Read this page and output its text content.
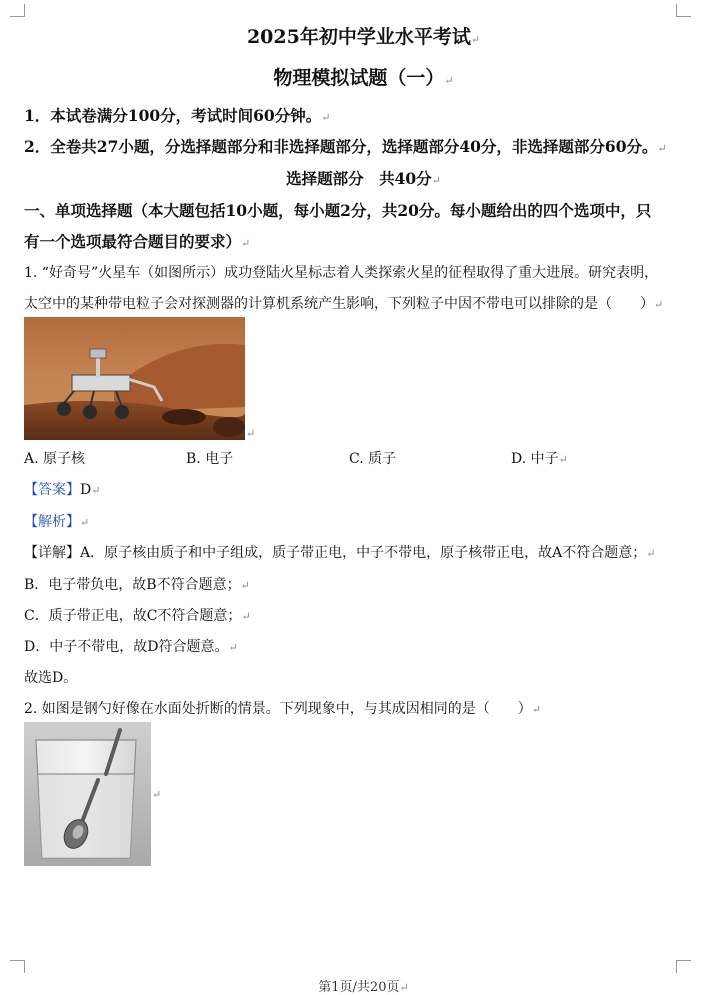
2025年初中学业水平考试↵
物理模拟试题（一）↵
1．本试卷满分100分，考试时间60分钟。↵
2．全卷共27小题，分选择题部分和非选择题部分，选择题部分40分，非选择题部分60分。↵
选择题部分　共40分↵
一、单项选择题（本大题包括10小题，每小题2分，共20分。每小题给出的四个选项中，只
有一个选项最符合题目的要求）↵
1. “好奇号”火星车（如图所示）成功登陆火星标志着人类探索火星的征程取得了重大进展。研究表明，
太空中的某种带电粒子会对探测器的计算机系统产生影响，下列粒子中因不带电可以排除的是（　　）↵
↵
A. 原子核	B. 电子	C. 质子	D. 中子↵
【答案】D↵
【解析】↵
【详解】A．原子核由质子和中子组成，质子带正电，中子不带电，原子核带正电，故A不符合题意；↵
B．电子带负电，故B不符合题意；↵
C．质子带正电，故C不符合题意；↵
D．中子不带电，故D符合题意。↵
故选D。
2. 如图是钢勺好像在水面处折断的情景。下列现象中，与其成因相同的是（　　）↵
↵
第1页/共20页↵
